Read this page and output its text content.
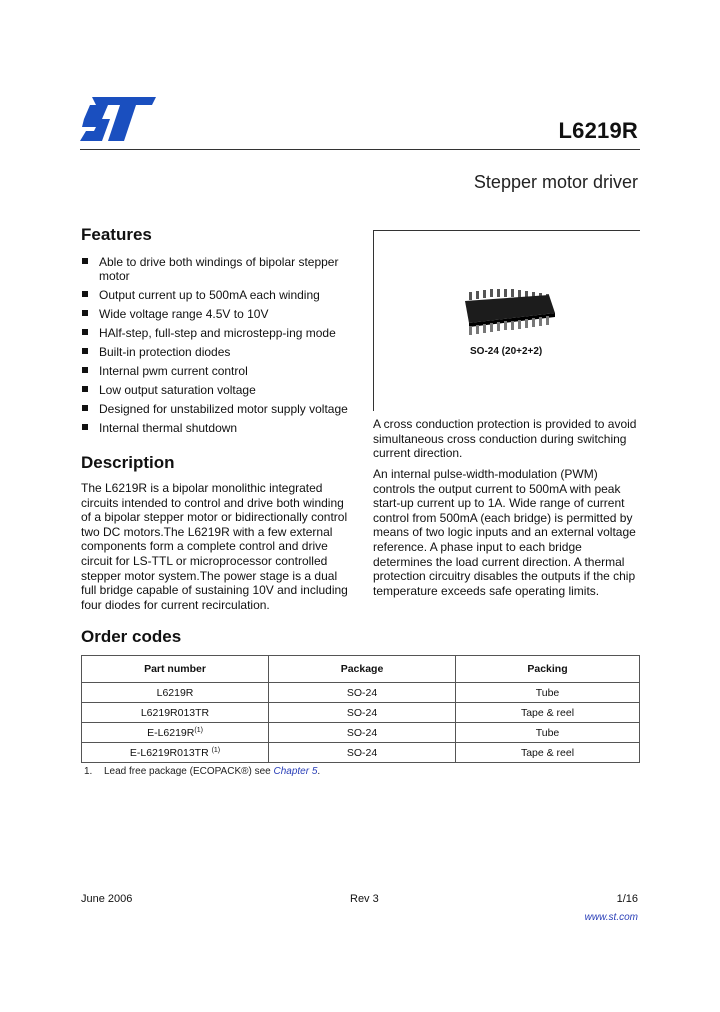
L6219R
Stepper motor driver
Features
Able to drive both windings of bipolar stepper motor
Output current up to 500mA each winding
Wide voltage range 4.5V to 10V
HAlf-step, full-step and microstepp-ing mode
Built-in protection diodes
Internal pwm current control
Low output saturation voltage
Designed for unstabilized motor supply voltage
Internal thermal shutdown
Description

The L6219R is a bipolar monolithic integrated circuits intended to control and drive both winding of a bipolar stepper motor or bidirectionally control two DC motors.The L6219R with a few external components form a complete control and drive circuit for LS-TTL or microprocessor controlled stepper motor system.The power stage is a dual full bridge capable of sustaining 10V and including four diodes for current recirculation.

SO-24 (20+2+2)

A cross conduction protection is provided to avoid simultaneous cross conduction during switching current direction.

An internal pulse-width-modulation (PWM) controls the output current to 500mA with peak start-up current up to 1A. Wide range of current control from 500mA (each bridge) is permitted by means of two logic inputs and an external voltage reference. A phase input to each bridge determines the load current direction. A thermal protection circuitry disables the outputs if the chip temperature exceeds safe operating limits.

Order codes
Part number	Package	Packing
L6219R	SO-24	Tube
L6219R013TR	SO-24	Tape & reel
$E-L6219R^{(1)}$	SO-24	Tube
E-L6219R013TR $^{(1)}$	SO-24	Tape & reel
1. Lead free package (ECOPACK®) see Chapter 5.
June 2006	Rev 3	1/16
www.st.com
